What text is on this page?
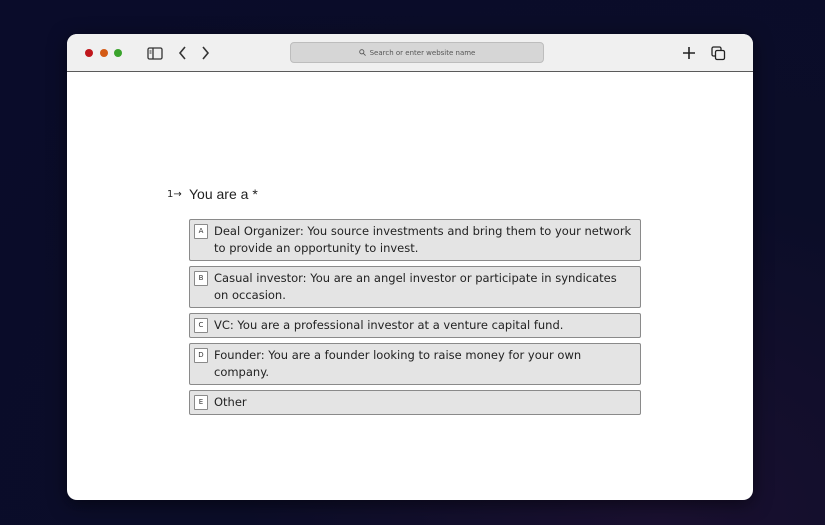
Search or enter website name
1→ You are a *
A Deal Organizer: You source investments and bring them to your network to provide an opportunity to invest.
B Casual investor: You are an angel investor or participate in syndicates on occasion.
C VC: You are a professional investor at a venture capital fund.
D Founder: You are a founder looking to raise money for your own company.
E Other
